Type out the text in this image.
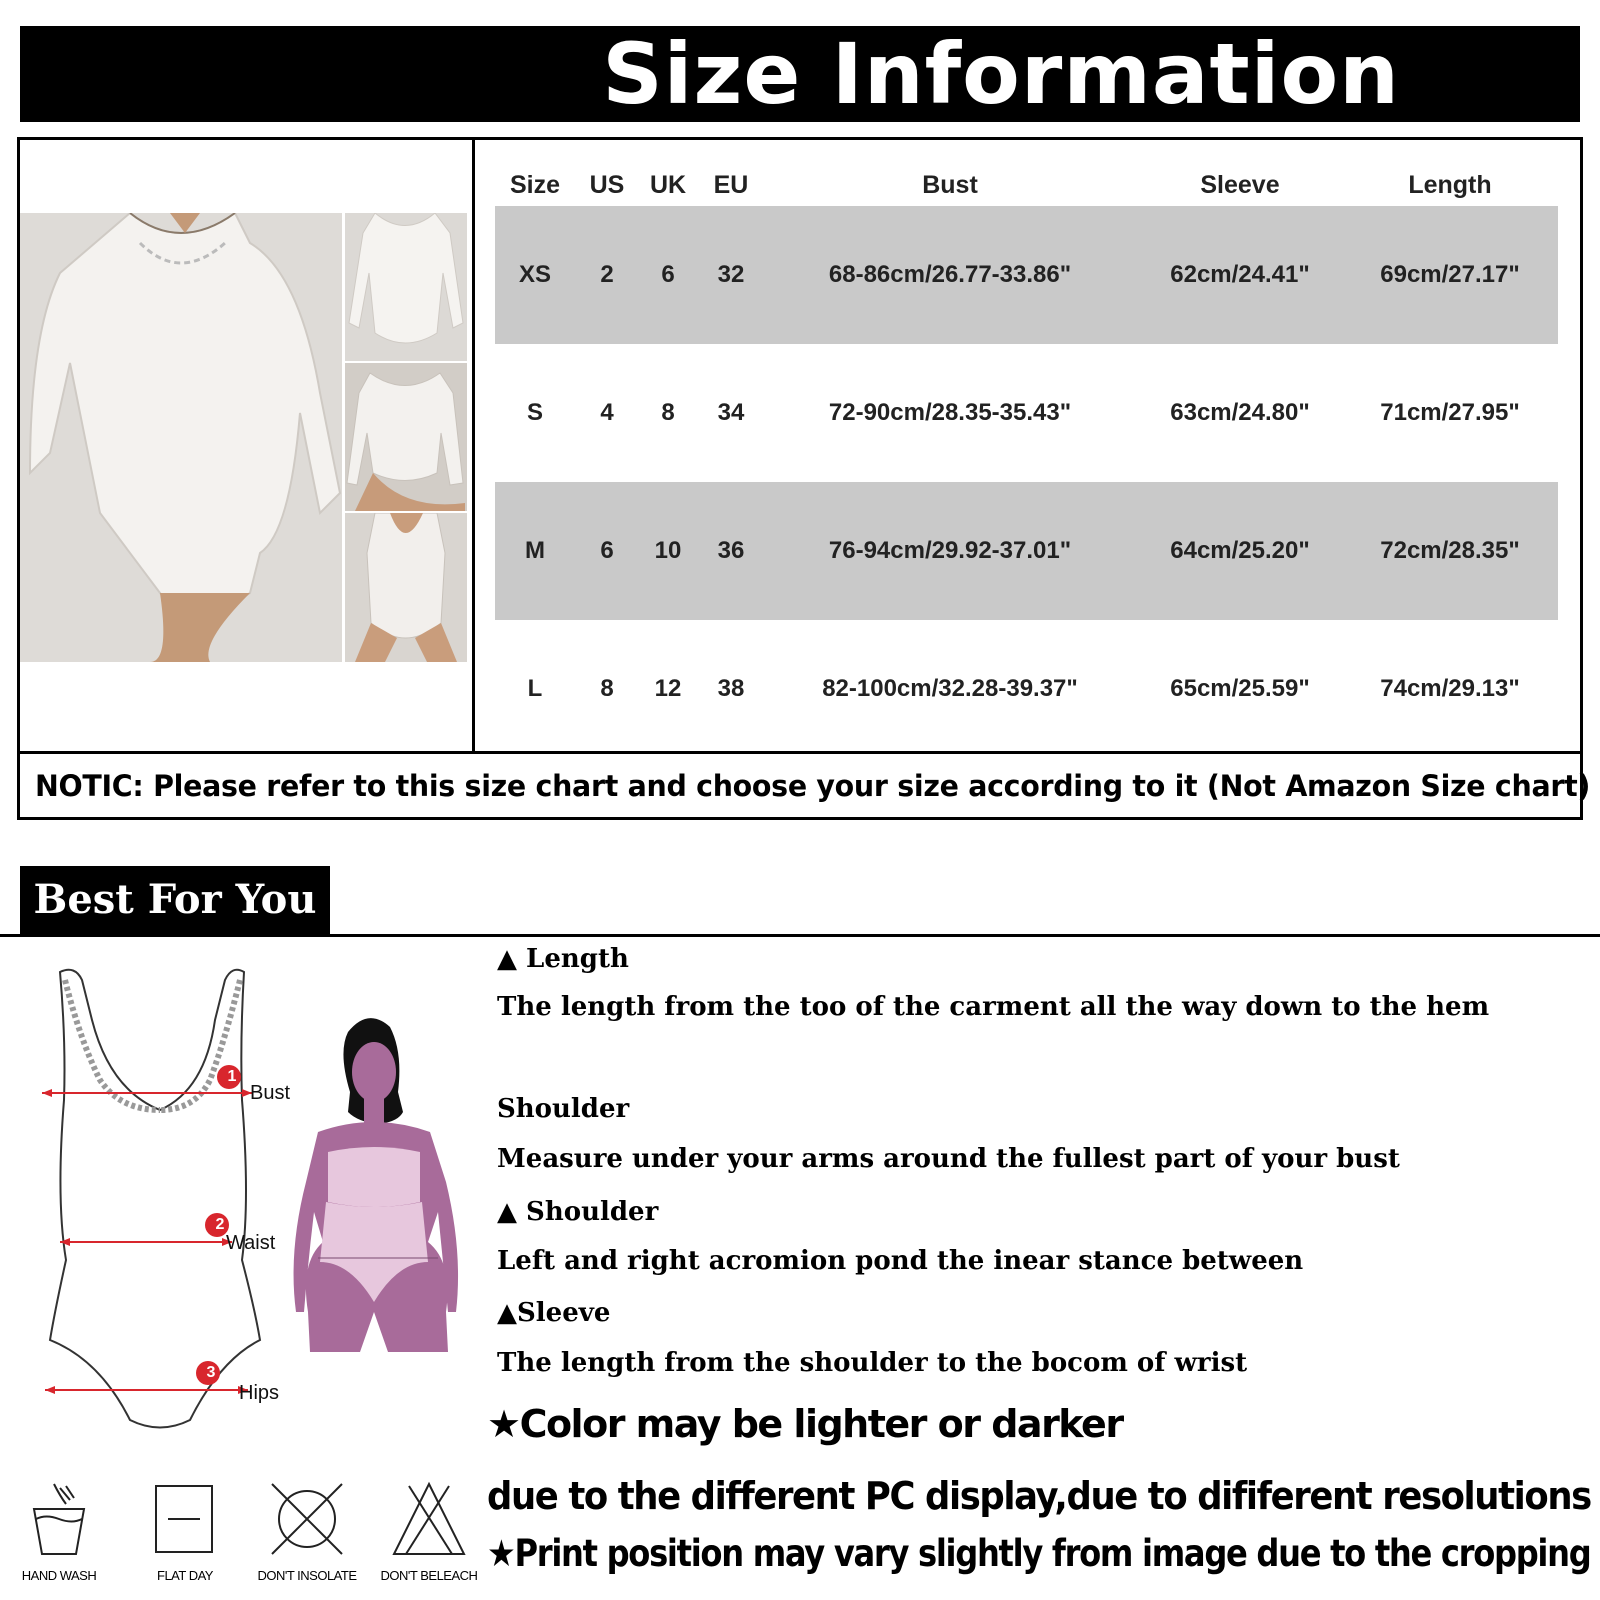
Size Information
Size	US	UK	EU	Bust	Sleeve	Length
XS	2	6	32	68-86cm/26.77-33.86"	62cm/24.41"	69cm/27.17"
S	4	8	34	72-90cm/28.35-35.43"	63cm/24.80"	71cm/27.95"
M	6	10	36	76-94cm/29.92-37.01"	64cm/25.20"	72cm/28.35"
L	8	12	38	82-100cm/32.28-39.37"	65cm/25.59"	74cm/29.13"
NOTIC: Please refer to this size chart and choose your size according to it (Not Amazon Size chart)
Best For You
1
2
3
Bust
Waist
Hips
▲ Length
The length from the too of the carment all the way down to the hem
Shoulder
Measure under your arms around the fullest part of your bust
▲ Shoulder
Left and right acromion pond the inear stance between
▲Sleeve
The length from the shoulder to the bocom of wrist
★Color may be lighter or darker
due to the different PC display,due to dififerent resolutions
★Print position may vary slightly from image due to the cropping
HAND WASH	FLAT DAY	DON'T INSOLATE	DON'T BELEACH
